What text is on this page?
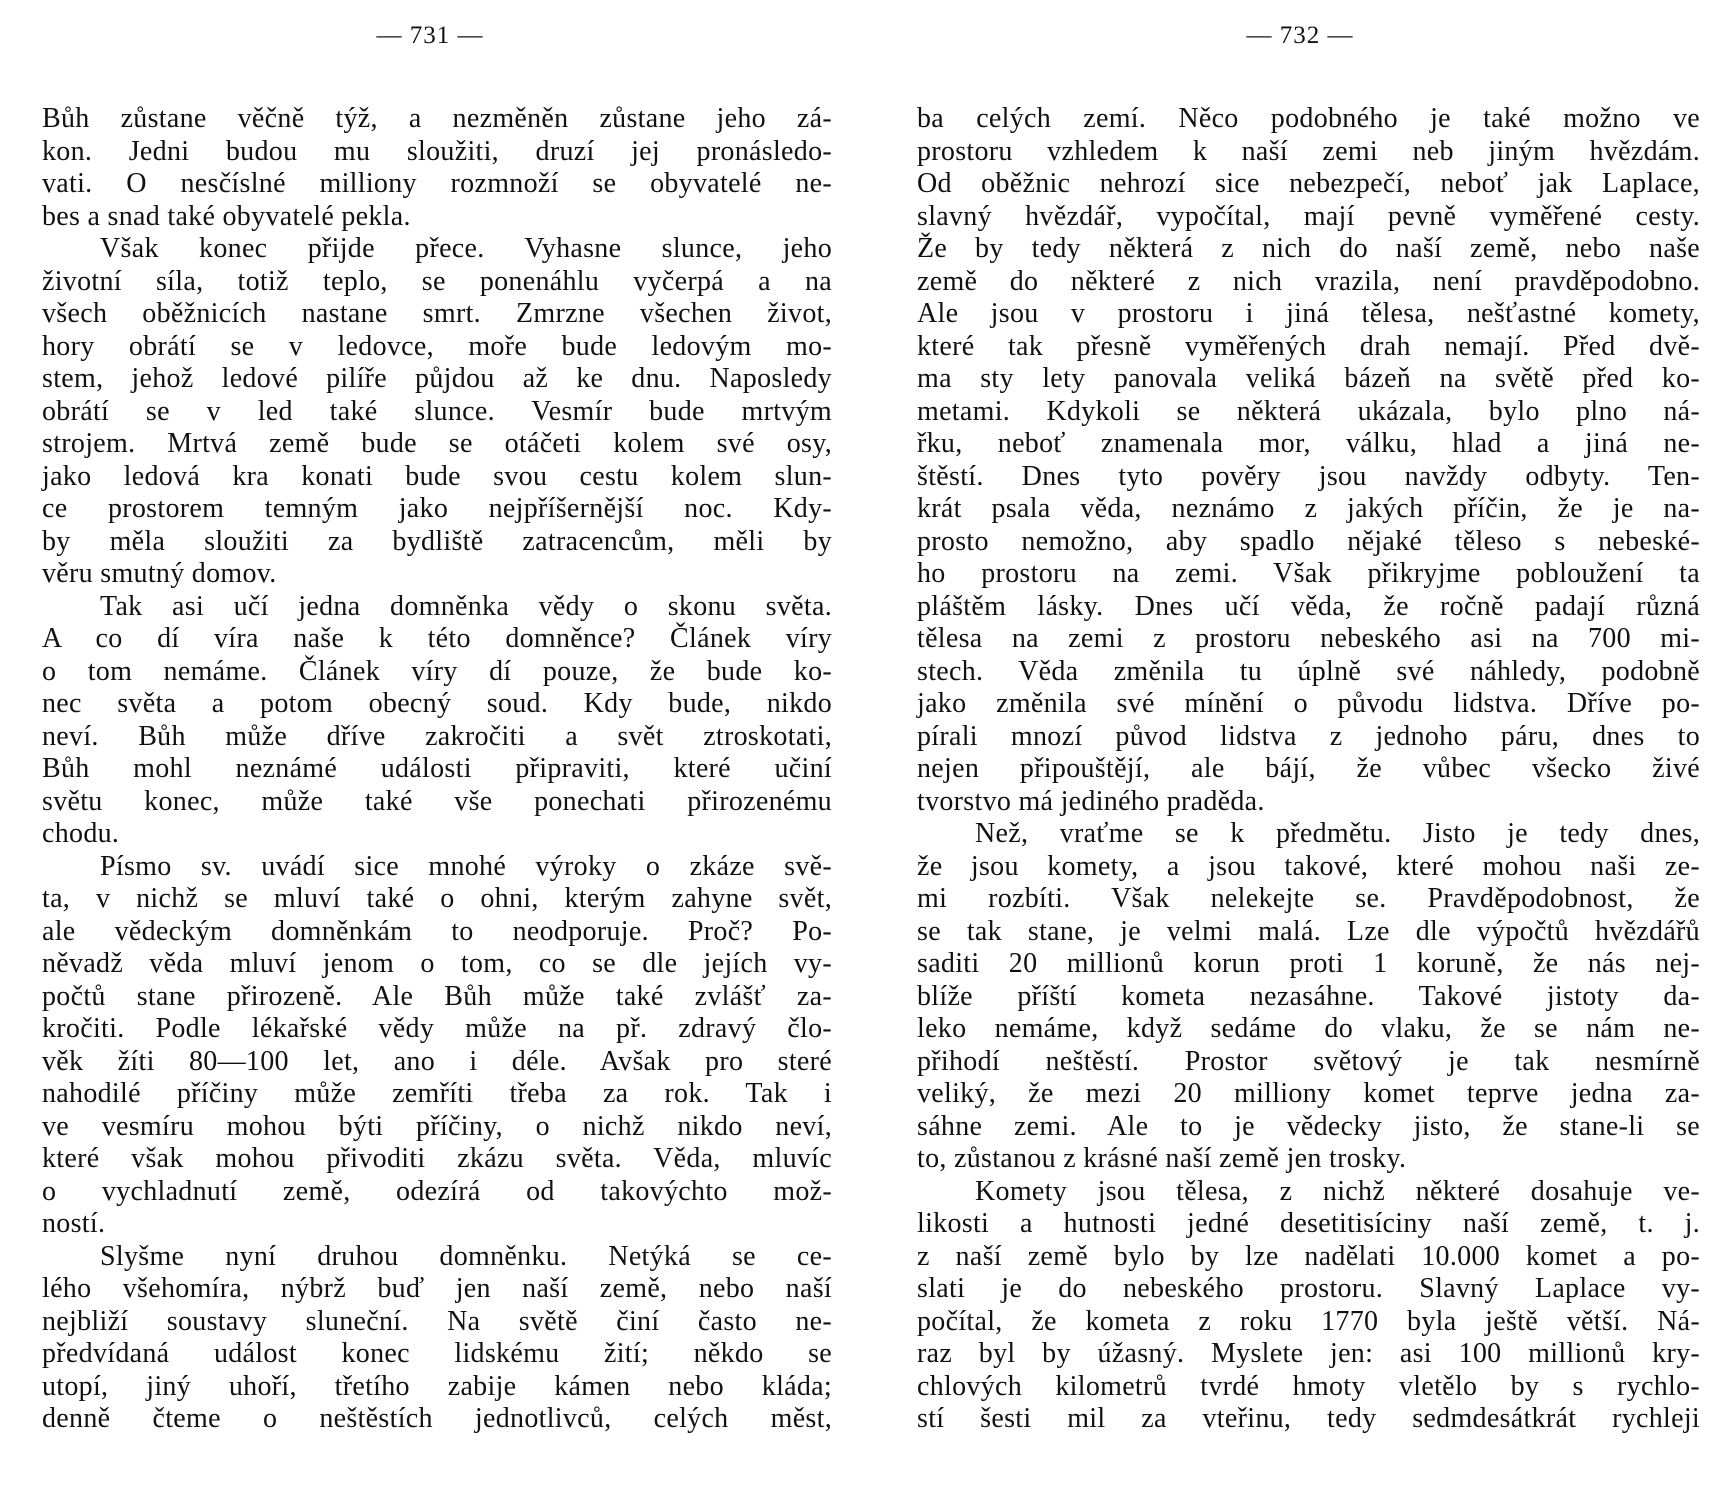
— 731 —
Bůh zůstane věčně týž, a nezměněn zůstane jeho zá-
kon. Jedni budou mu sloužiti, druzí jej pronásledo-
vati. O nesčíslné milliony rozmnoží se obyvatelé ne-
bes a snad také obyvatelé pekla.
Však konec přijde přece. Vyhasne slunce, jeho
životní síla, totiž teplo, se ponenáhlu vyčerpá a na
všech oběžnicích nastane smrt. Zmrzne všechen život,
hory obrátí se v ledovce, moře bude ledovým mo-
stem, jehož ledové pilíře půjdou až ke dnu. Naposledy
obrátí se v led také slunce. Vesmír bude mrtvým
strojem. Mrtvá země bude se otáčeti kolem své osy,
jako ledová kra konati bude svou cestu kolem slun-
ce prostorem temným jako nejpříšernější noc. Kdy-
by měla sloužiti za bydliště zatracencům, měli by
věru smutný domov.
Tak asi učí jedna domněnka vědy o skonu světa.
A co dí víra naše k této domněnce? Článek víry
o tom nemáme. Článek víry dí pouze, že bude ko-
nec světa a potom obecný soud. Kdy bude, nikdo
neví. Bůh může dříve zakročiti a svět ztroskotati,
Bůh mohl neznámé události připraviti, které učiní
světu konec, může také vše ponechati přirozenému
chodu.
Písmo sv. uvádí sice mnohé výroky o zkáze svě-
ta, v nichž se mluví také o ohni, kterým zahyne svět,
ale vědeckým domněnkám to neodporuje. Proč? Po-
něvadž věda mluví jenom o tom, co se dle jejích vy-
počtů stane přirozeně. Ale Bůh může také zvlášť za-
kročiti. Podle lékařské vědy může na př. zdravý člo-
věk žíti 80—100 let, ano i déle. Avšak pro steré
nahodilé příčiny může zemříti třeba za rok. Tak i
ve vesmíru mohou býti příčiny, o nichž nikdo neví,
které však mohou přivoditi zkázu světa. Věda, mluvíc
o vychladnutí země, odezírá od takovýchto mož-
ností.
Slyšme nyní druhou domněnku. Netýká se ce-
lého všehomíra, nýbrž buď jen naší země, nebo naší
nejbliží soustavy sluneční. Na světě činí často ne-
předvídaná událost konec lidskému žití; někdo se
utopí, jiný uhoří, třetího zabije kámen nebo kláda;
denně čteme o neštěstích jednotlivců, celých měst,
— 732 —
ba celých zemí. Něco podobného je také možno ve
prostoru vzhledem k naší zemi neb jiným hvězdám.
Od oběžnic nehrozí sice nebezpečí, neboť jak Laplace,
slavný hvězdář, vypočítal, mají pevně vyměřené cesty.
Že by tedy některá z nich do naší země, nebo naše
země do některé z nich vrazila, není pravděpodobno.
Ale jsou v prostoru i jiná tělesa, nešťastné komety,
které tak přesně vyměřených drah nemají. Před dvě-
ma sty lety panovala veliká bázeň na světě před ko-
metami. Kdykoli se některá ukázala, bylo plno ná-
řku, neboť znamenala mor, válku, hlad a jiná ne-
štěstí. Dnes tyto pověry jsou navždy odbyty. Ten-
krát psala věda, neznámo z jakých příčin, že je na-
prosto nemožno, aby spadlo nějaké těleso s nebeské-
ho prostoru na zemi. Však přikryjme pobloužení ta
pláštěm lásky. Dnes učí věda, že ročně padají různá
tělesa na zemi z prostoru nebeského asi na 700 mi-
stech. Věda změnila tu úplně své náhledy, podobně
jako změnila své mínění o původu lidstva. Dříve po-
pírali mnozí původ lidstva z jednoho páru, dnes to
nejen připouštějí, ale bájí, že vůbec všecko živé
tvorstvo má jediného praděda.
Než, vraťme se k předmětu. Jisto je tedy dnes,
že jsou komety, a jsou takové, které mohou naši ze-
mi rozbíti. Však nelekejte se. Pravděpodobnost, že
se tak stane, je velmi malá. Lze dle výpočtů hvězdářů
saditi 20 millionů korun proti 1 koruně, že nás nej-
blíže příští kometa nezasáhne. Takové jistoty da-
leko nemáme, když sedáme do vlaku, že se nám ne-
přihodí neštěstí. Prostor světový je tak nesmírně
veliký, že mezi 20 milliony komet teprve jedna za-
sáhne zemi. Ale to je vědecky jisto, že stane-li se
to, zůstanou z krásné naší země jen trosky.
Komety jsou tělesa, z nichž některé dosahuje ve-
likosti a hutnosti jedné desetitisíciny naší země, t. j.
z naší země bylo by lze nadělati 10.000 komet a po-
slati je do nebeského prostoru. Slavný Laplace vy-
počítal, že kometa z roku 1770 byla ještě větší. Ná-
raz byl by úžasný. Myslete jen: asi 100 millionů kry-
chlových kilometrů tvrdé hmoty vletělo by s rychlo-
stí šesti mil za vteřinu, tedy sedmdesátkrát rychleji
